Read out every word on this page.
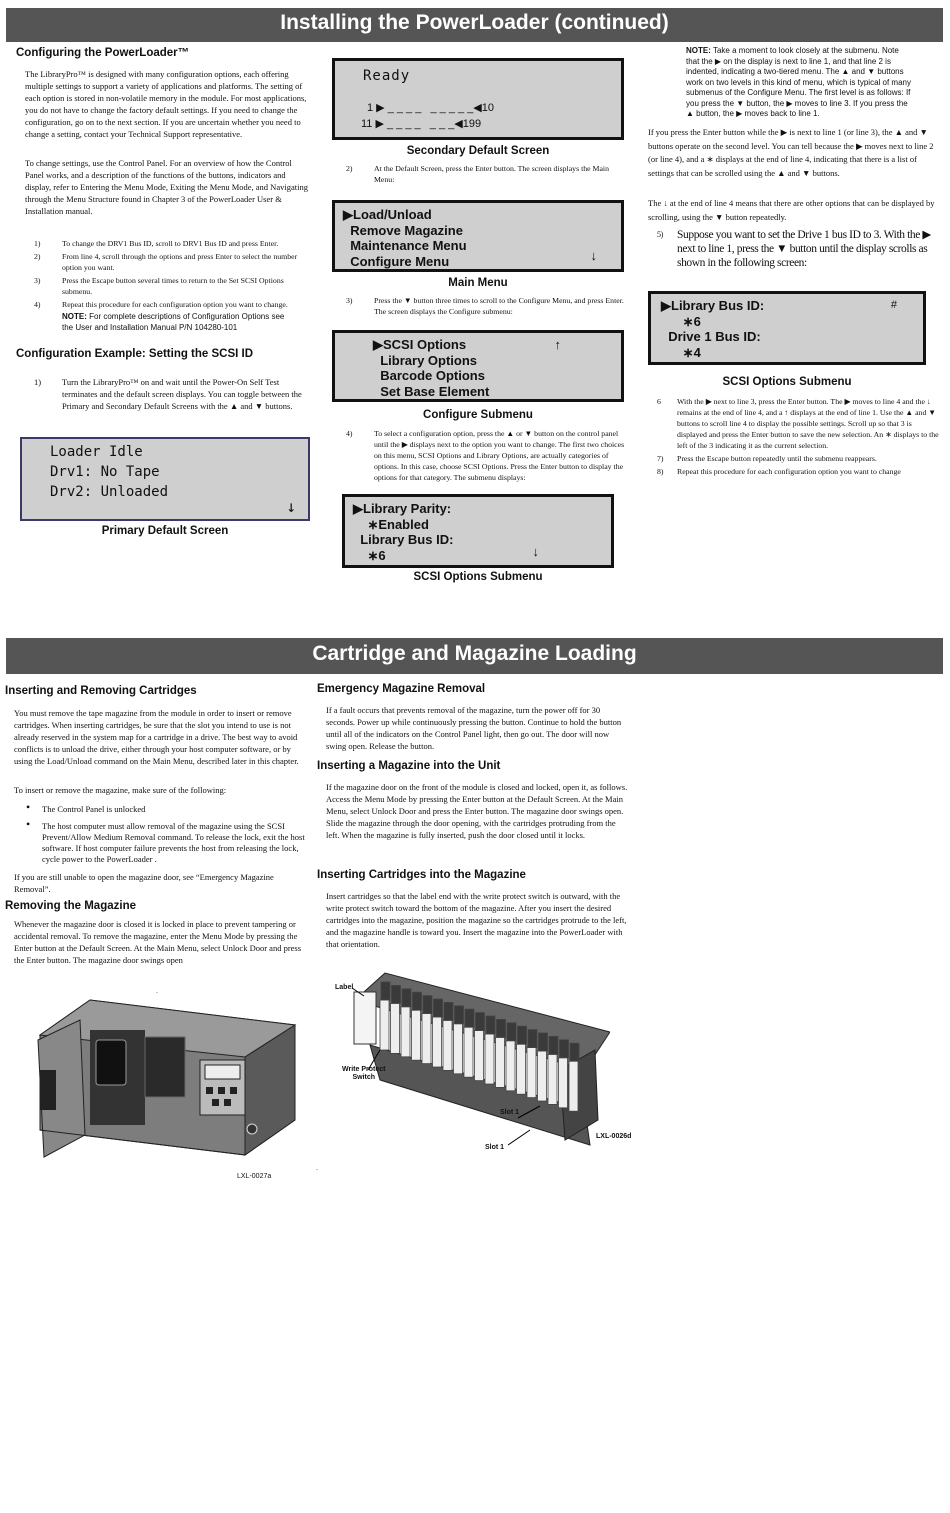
Installing the PowerLoader (continued)
Configuring the PowerLoader™

The LibraryPro™ is designed with many configuration options, each offering multiple settings to support a variety of applications and platforms. The setting of each option is stored in non-volatile memory in the module. For most applications, you do not have to change the factory default settings. If you need to change the configuration, go on to the next section. If you are uncertain whether you need to change a setting, contact your Technical Support representative.

To change settings, use the Control Panel. For an overview of how the Control Panel works, and a description of the functions of the buttons, indicators and display, refer to Entering the Menu Mode, Exiting the Menu Mode, and Navigating through the Menu Structure found in Chapter 3 of the PowerLoader User & Installation manual.

1)	To change the DRV1 Bus ID, scroll to DRV1 Bus ID and press Enter.
2)	From line 4, scroll through the options and press Enter to select the number option you want.
3)	Press the Escape button several times to return to the Set SCSI Options submenu.
4)	Repeat this procedure for each configuration option you want to change.

NOTE: For complete descriptions of Configuration Options see the User and Installation Manual P/N 104280-101

Configuration Example: Setting the SCSI ID
1) Turn the LibraryPro™ on and wait until the Power-On Self Test terminates and the default screen displays. You can toggle between the Primary and Secondary Default Screens with the ▲ and ▼ buttons.
Loader Idle
Drv1: No Tape
Drv2: Unloaded
↓
Primary Default Screen
Ready
1 ▶ _ _ _ _   _ _ _ _ _◀10
11 ▶ _ _ _ _   _ _ _◀199
Secondary Default Screen
2)	At the Default Screen, press the Enter button. The screen displays the Main Menu:
▶Load/Unload
Remove Magazine
Maintenance Menu
Configure Menu	↓
Main Menu
3)	Press the ▼ button three times to scroll to the Configure Menu, and press Enter. The screen displays the Configure submenu:
▶SCSI Options
Library Options
Barcode Options
Set Base Element
↑
Configure Submenu
4)	To select a configuration option, press the ▲ or ▼ button on the control panel until the ▶ displays next to the option you want to change. The first two choices on this menu, SCSI Options and Library Options, are actually categories of options. In this case, choose SCSI Options. Press the Enter button to display the options for that category. The submenu displays:
▶Library Parity:
∗Enabled
Library Bus ID:
∗6	↓
SCSI Options Submenu

NOTE: Take a moment to look closely at the submenu. Note that the ▶ on the display is next to line 1, and that line 2 is indented, indicating a two-tiered menu. The ▲ and ▼ buttons work on two levels in this kind of menu, which is typical of many submenus of the Configure Menu. The first level is as follows: If you press the ▼ button, the ▶ moves to line 3. If you press the ▲ button, the ▶ moves back to line 1.

If you press the Enter button while the ▶ is next to line 1 (or line 3), the ▲ and ▼ buttons operate on the second level. You can tell because the ▶ moves next to line 2 (or line 4), and a ∗ displays at the end of line 4, indicating that there is a list of settings that can be scrolled using the ▲ and ▼ buttons.

The ↓ at the end of line 4 means that there are other options that can be displayed by scrolling, using the ▼ button repeatedly.

5) Suppose you want to set the Drive 1 bus ID to 3. With the ▶ next to line 1, press the ▼ button until the display scrolls as shown in the following screen:
▶Library Bus ID:
∗6
Drive 1 Bus ID:
∗4
#
SCSI Options Submenu
6 With the ▶ next to line 3, press the Enter button. The ▶ moves to line 4 and the ↓ remains at the end of line 4, and a ↑ displays at the end of line 1. Use the ▲ and ▼ buttons to scroll line 4 to display the possible settings. Scroll up so that 3 is displayed and press the Enter button to save the new selection. An ∗ displays to the left of the 3 indicating it as the current selection.
7) Press the Escape button repeatedly until the submenu reappears.
8) Repeat this procedure for each configuration option you want to change
Cartridge and Magazine Loading
Inserting and Removing Cartridges

You must remove the tape magazine from the module in order to insert or remove cartridges. When inserting cartridges, be sure that the slot you intend to use is not already reserved in the system map for a cartridge in a drive. The best way to avoid conflicts is to unload the drive, either through your host computer software, or by using the Load/Unload command on the Main Menu, described later in this chapter.

To insert or remove the magazine, make sure of the following:

• The Control Panel is unlocked
• The host computer must allow removal of the magazine using the SCSI Prevent/Allow Medium Removal command. To release the lock, exit the host software. If host computer failure prevents the host from releasing the lock, cycle power to the PowerLoader .

If you are still unable to open the magazine door, see “Emergency Magazine Removal”.

Removing the Magazine

Whenever the magazine door is closed it is locked in place to prevent tampering or accidental removal. To remove the magazine, enter the Menu Mode by pressing the Enter button at the Default Screen. At the Main Menu, select Unlock Door and press the Enter button. The magazine door swings open

.
LXL-0027a
Emergency Magazine Removal

If a fault occurs that prevents removal of the magazine, turn the power off for 30 seconds. Power up while continuously pressing the button. Continue to hold the button until all of the indicators on the Control Panel light, then go out. The door will now swing open. Release the button.

Inserting a Magazine into the Unit

If the magazine door on the front of the module is closed and locked, open it, as follows. Access the Menu Mode by pressing the Enter button at the Default Screen. At the Main Menu, select Unlock Door and press the Enter button. The magazine door swings open. Slide the magazine through the door opening, with the cartridges protruding from the left. When the magazine is fully inserted, push the door closed until it locks.

Inserting Cartridges into the Magazine

Insert cartridges so that the label end with the write protect switch is outward, with the write protect switch toward the bottom of the magazine. After you insert the desired cartridges into the magazine, position the magazine so the cartridges protrude to the left, and the magazine handle is toward you. Insert the magazine into the PowerLoader with that orientation.

Label
Write Protect
Switch
Slot 1
Slot 1
LXL-0026d
.
